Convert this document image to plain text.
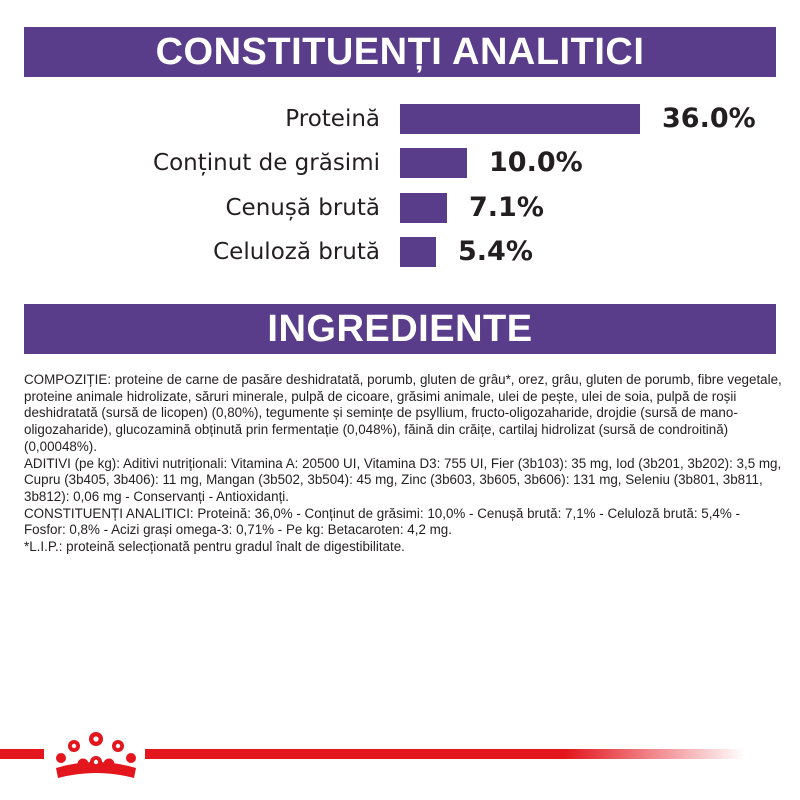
CONSTITUENȚI ANALITICI
Proteină	36.0%
Conținut de grăsimi	10.0%
Cenușă brută	7.1%
Celuloză brută	5.4%
INGREDIENTE

COMPOZIȚIE: proteine de carne de pasăre deshidratată, porumb, gluten de grâu*, orez, grâu, gluten de porumb, fibre vegetale, proteine animale hidrolizate, săruri minerale, pulpă de cicoare, grăsimi animale, ulei de pește, ulei de soia, pulpă de roșii deshidratată (sursă de licopen) (0,80%), tegumente și semințe de psyllium, fructo-oligozaharide, drojdie (sursă de mano-oligozaharide), glucozamină obținută prin fermentație (0,048%), făină din crăițe, cartilaj hidrolizat (sursă de condroitină) (0,00048%).

ADITIVI (pe kg): Aditivi nutriționali: Vitamina A: 20500 UI, Vitamina D3: 755 UI, Fier (3b103): 35 mg, Iod (3b201, 3b202): 3,5 mg, Cupru (3b405, 3b406): 11 mg, Mangan (3b502, 3b504): 45 mg, Zinc (3b603, 3b605, 3b606): 131 mg, Seleniu (3b801, 3b811, 3b812): 0,06 mg - Conservanți - Antioxidanți.

CONSTITUENȚI ANALITICI: Proteină: 36,0% - Conținut de grăsimi: 10,0% - Cenușă brută: 7,1% - Celuloză brută: 5,4% - Fosfor: 0,8% - Acizi grași omega-3: 0,71% - Pe kg: Betacaroten: 4,2 mg.

*L.I.P.: proteină selecționată pentru gradul înalt de digestibilitate.
